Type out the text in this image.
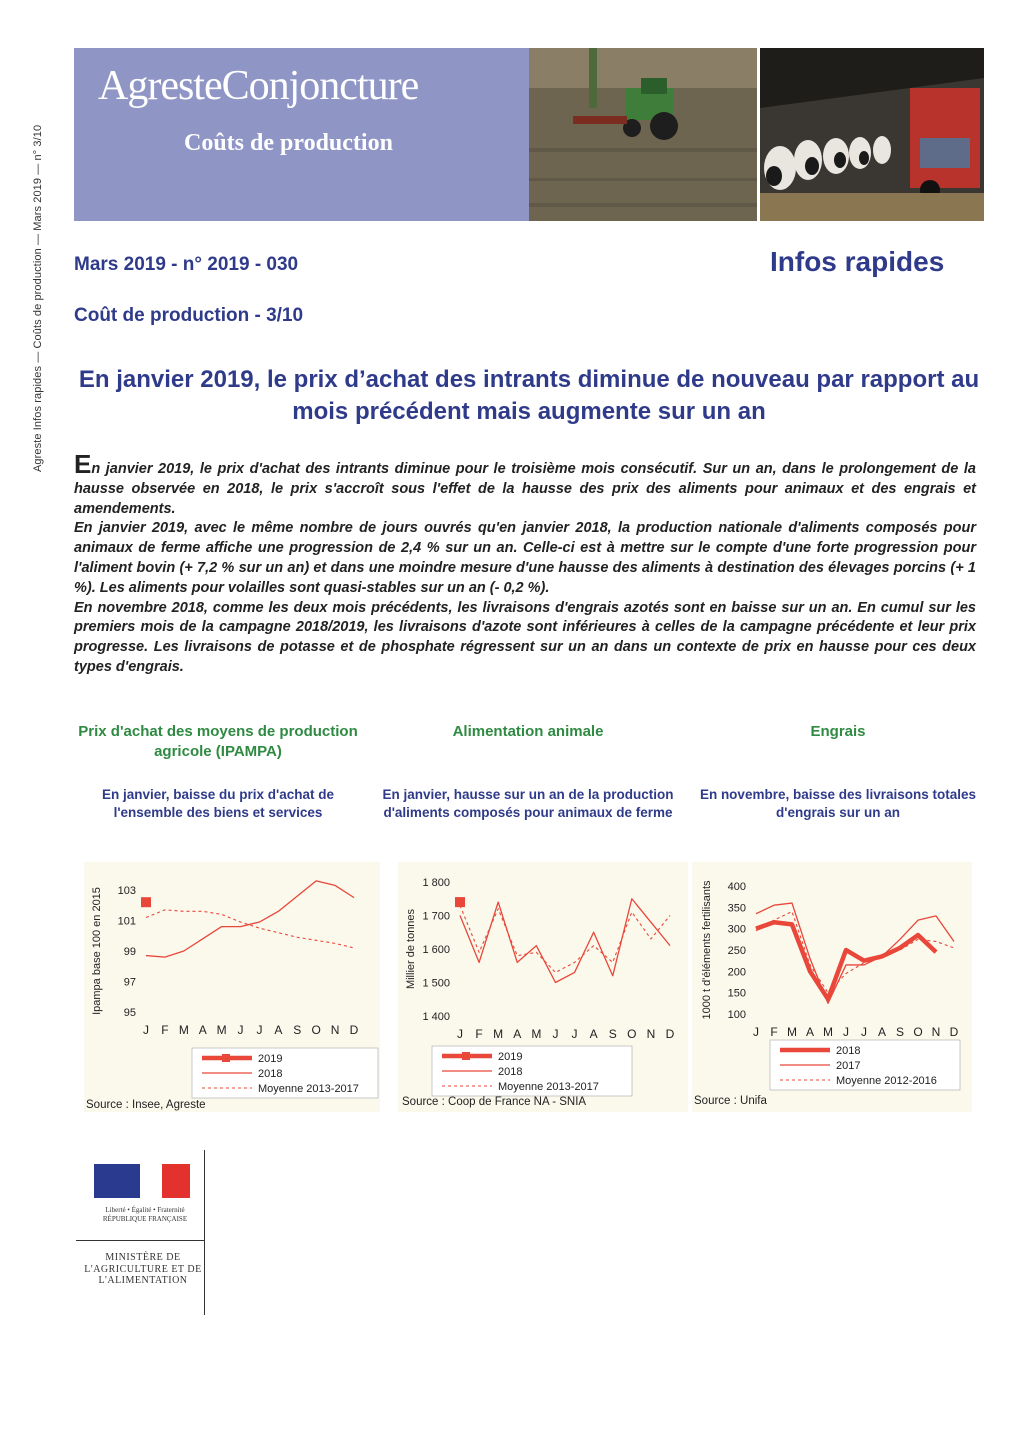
Agreste Infos rapides — Coûts de production — Mars 2019 — n° 3/10
AgresteConjoncture
Coûts de production
Mars 2019 - n° 2019 - 030	Infos rapides
Coût de production - 3/10
En janvier 2019, le prix d’achat des intrants diminue de nouveau par rapport au mois précédent mais augmente sur un an

En janvier 2019, le prix d'achat des intrants diminue pour le troisième mois consécutif. Sur un an, dans le prolongement de la hausse observée en 2018, le prix s'accroît sous l'effet de la hausse des prix des aliments pour animaux et des engrais et amendements.

En janvier 2019, avec le même nombre de jours ouvrés qu'en janvier 2018, la production nationale d'aliments composés pour animaux de ferme affiche une progression de 2,4 % sur un an. Celle-ci est à mettre sur le compte d'une forte progression pour l'aliment bovin (+ 7,2 % sur un an) et dans une moindre mesure d'une hausse des aliments à destination des élevages porcins (+ 1 %). Les aliments pour volailles sont quasi-stables sur un an (- 0,2 %).

En novembre 2018, comme les deux mois précédents, les livraisons d'engrais azotés sont en baisse sur un an. En cumul sur les premiers mois de la campagne 2018/2019, les livraisons d'azote sont inférieures à celles de la campagne précédente et leur prix progresse. Les livraisons de potasse et de phosphate régressent sur un an dans un contexte de prix en hausse pour ces deux types d'engrais.

Prix d'achat des moyens de production agricole (IPAMPA)
Alimentation animale	Engrais
En janvier, baisse du prix d'achat de l'ensemble des biens et services
En janvier, hausse sur un an de la production d'aliments composés pour animaux de ferme
En novembre, baisse des livraisons totales d'engrais sur un an
Ipampa base 100 en 2015 95
97
99
101
103
J F M A M J J A S O N D
2019
2018
Moyenne 2013-2017
Source : Insee, Agreste
Millier de tonnes
1 400
1 500
1 600
1 700
1 800
J F M A M J J A S O N D
2019
2018
Moyenne 2013-2017
Source : Coop de France NA - SNIA
1000 t d'éléments fertilisants 100
150
200
250
300
350
400
J F M A M J J A S O N D
2018
2017
Moyenne 2012-2016
Source : Unifa
Liberté • Égalité • Fraternité RÉPUBLIQUE FRANÇAISE
MINISTÈRE DE L'AGRICULTURE ET DE L'ALIMENTATION
